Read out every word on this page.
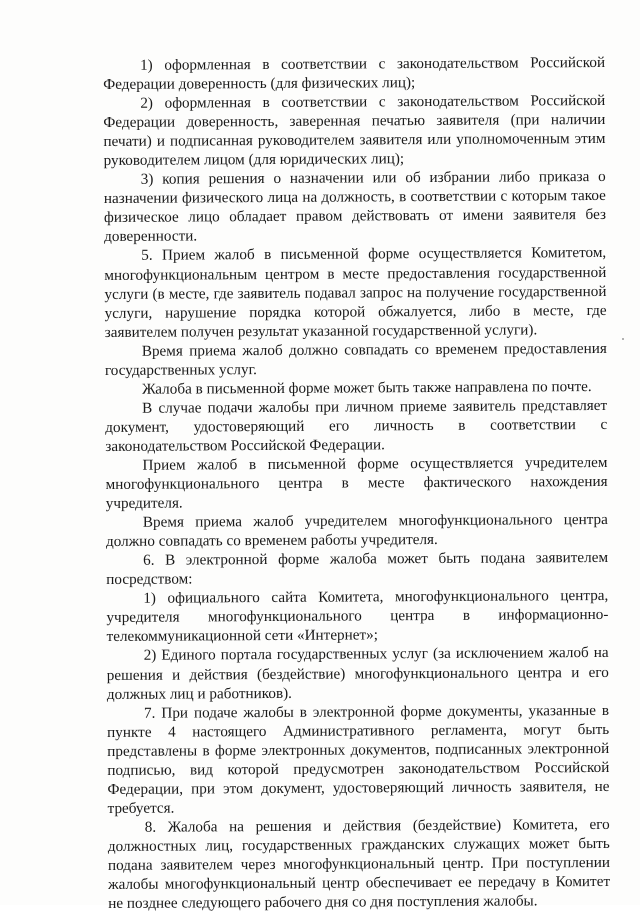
1) оформленная в соответствии с законодательством Российской Федерации доверенность (для физических лиц);

2) оформленная в соответствии с законодательством Российской Федерации доверенность, заверенная печатью заявителя (при наличии печати) и подписанная руководителем заявителя или уполномоченным этим руководителем лицом (для юридических лиц);

3) копия решения о назначении или об избрании либо приказа о назначении физического лица на должность, в соответствии с которым такое физическое лицо обладает правом действовать от имени заявителя без доверенности.

5. Прием жалоб в письменной форме осуществляется Комитетом, многофункциональным центром в месте предоставления государственной услуги (в месте, где заявитель подавал запрос на получение государственной услуги, нарушение порядка которой обжалуется, либо в месте, где заявителем получен результат указанной государственной услуги).

Время приема жалоб должно совпадать со временем предоставления государственных услуг.

Жалоба в письменной форме может быть также направлена по почте.

В случае подачи жалобы при личном приеме заявитель представляет документ, удостоверяющий его личность в соответствии с законодательством Российской Федерации.

Прием жалоб в письменной форме осуществляется учредителем многофункционального центра в месте фактического нахождения учредителя.

Время приема жалоб учредителем многофункционального центра должно совпадать со временем работы учредителя.

6. В электронной форме жалоба может быть подана заявителем посредством:

1) официального сайта Комитета, многофункционального центра, учредителя многофункционального центра в информационно-телекоммуникационной сети «Интернет»;

2) Единого портала государственных услуг (за исключением жалоб на решения и действия (бездействие) многофункционального центра и его должных лиц и работников).

7. При подаче жалобы в электронной форме документы, указанные в пункте 4 настоящего Административного регламента, могут быть представлены в форме электронных документов, подписанных электронной подписью, вид которой предусмотрен законодательством Российской Федерации, при этом документ, удостоверяющий личность заявителя, не требуется.

8. Жалоба на решения и действия (бездействие) Комитета, его должностных лиц, государственных гражданских служащих может быть подана заявителем через многофункциональный центр. При поступлении жалобы многофункциональный центр обеспечивает ее передачу в Комитет не позднее следующего рабочего дня со дня поступления жалобы.
